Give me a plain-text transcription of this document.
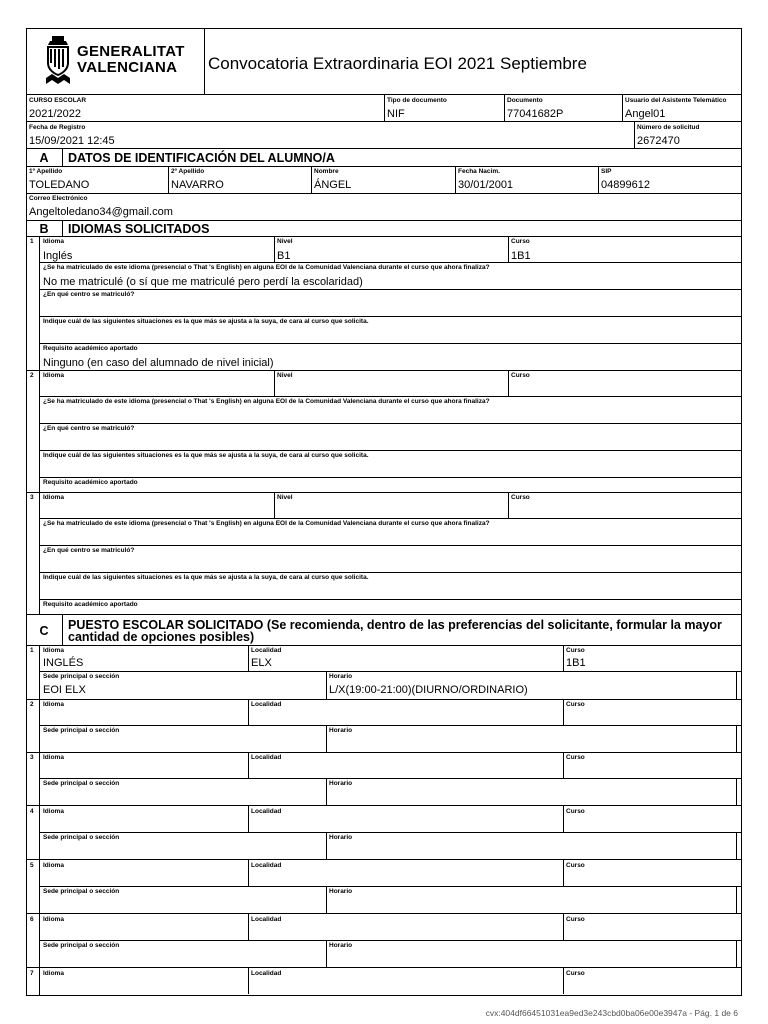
GENERALITAT
VALENCIANA Convocatoria Extraordinaria EOI 2021 Septiembre
CURSO ESCOLAR
2021/2022
Tipo de documento
NIF
Documento
77041682P
Usuario del Asistente Telemático
Angel01
Fecha de Registro
15/09/2021 12:45
Número de solicitud
2672470
A	DATOS DE IDENTIFICACIÓN DEL ALUMNO/A
1º Apellido
TOLEDANO
2º Apellido
NAVARRO
Nombre
ÁNGEL
Fecha Nacim.
30/01/2001
SIP
04899612
Correo Electrónico
Angeltoledano34@gmail.com
B	IDIOMAS SOLICITADOS
1 Idioma
Inglés
Nivel
B1
Curso
1B1
¿Se ha matriculado de este idioma (presencial o That 's English) en alguna EOI de la Comunidad Valenciana durante el curso que ahora finaliza?
No me matriculé (o sí que me matriculé pero perdí la escolaridad)
¿En qué centro se matriculó?
Indique cuál de las siguientes situaciones es la que más se ajusta a la suya, de cara al curso que solicita.
Requisito académico aportado
Ninguno (en caso del alumnado de nivel inicial)
2 Idioma	Nivel	Curso
¿Se ha matriculado de este idioma (presencial o That 's English) en alguna EOI de la Comunidad Valenciana durante el curso que ahora finaliza?
¿En qué centro se matriculó?
Indique cuál de las siguientes situaciones es la que más se ajusta a la suya, de cara al curso que solicita.
Requisito académico aportado
3 Idioma	Nivel	Curso
¿Se ha matriculado de este idioma (presencial o That 's English) en alguna EOI de la Comunidad Valenciana durante el curso que ahora finaliza?
¿En qué centro se matriculó?
Indique cuál de las siguientes situaciones es la que más se ajusta a la suya, de cara al curso que solicita.
Requisito académico aportado
C	PUESTO ESCOLAR SOLICITADO (Se recomienda, dentro de las preferencias del solicitante, formular la mayor
cantidad de opciones posibles)
1 Idioma
INGLÉS
Localidad
ELX
Curso
1B1
Sede principal o sección
EOI ELX
Horario
L/X(19:00-21:00)(DIURNO/ORDINARIO)
2 Idioma	Localidad	Curso
Sede principal o sección	Horario
3 Idioma	Localidad	Curso
Sede principal o sección	Horario
4 Idioma	Localidad	Curso
Sede principal o sección	Horario
5 Idioma	Localidad	Curso
Sede principal o sección	Horario
6 Idioma	Localidad	Curso
Sede principal o sección	Horario
7 Idioma	Localidad	Curso
cvx:404df66451031ea9ed3e243cbd0ba06e00e3947a - Pág. 1 de 6
